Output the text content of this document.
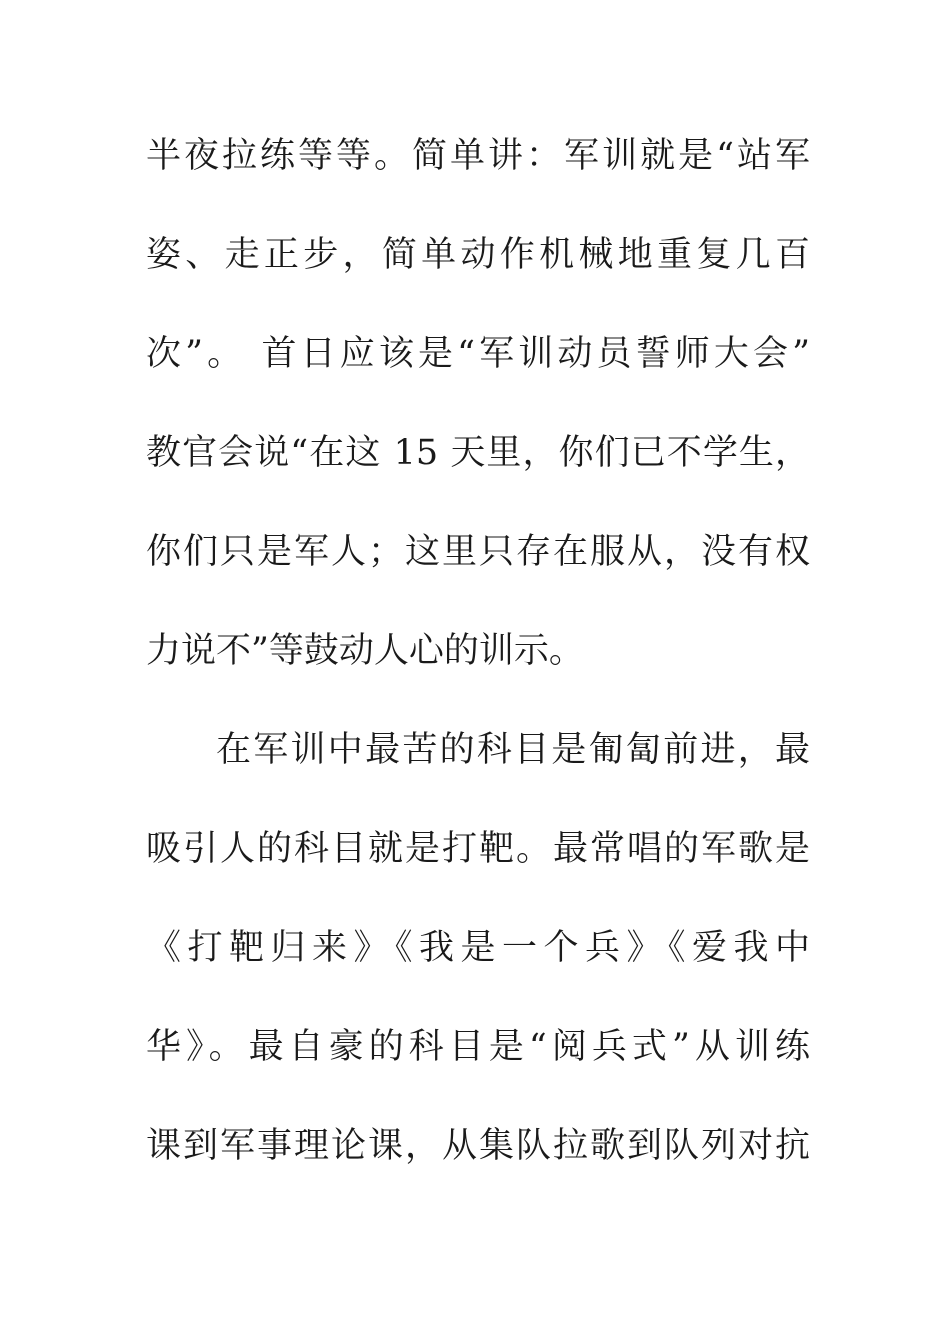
半夜拉练等等。简单讲：军训就是“站军
姿、走正步，简单动作机械地重复几百
次”。 首日应该是“军训动员誓师大会”
教官会说“在这 15 天里，你们已不学生，
你们只是军人；这里只存在服从，没有权
力说不”等鼓动人心的训示。
在军训中最苦的科目是匍匐前进，最
吸引人的科目就是打靶。最常唱的军歌是
《打靶归来》《我是一个兵》《爱我中
华》。最自豪的科目是“阅兵式”从训练
课到军事理论课，从集队拉歌到队列对抗
